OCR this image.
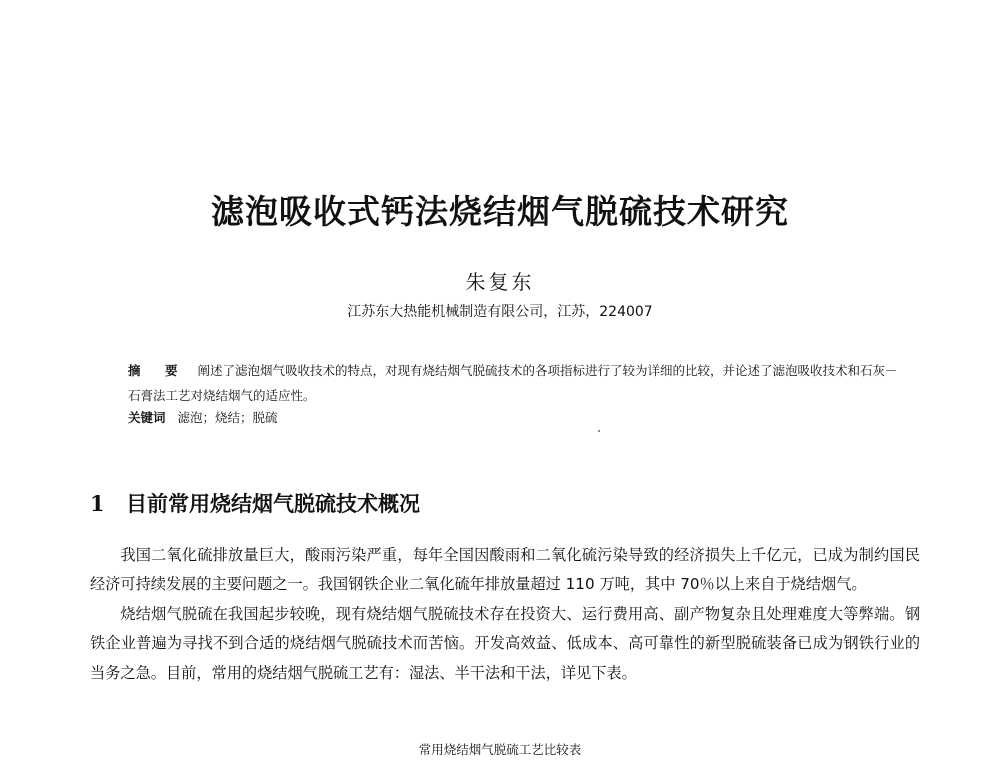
滤泡吸收式钙法烧结烟气脱硫技术研究
朱复东
江苏东大热能机械制造有限公司，江苏，224007
摘　要 阐述了滤泡烟气吸收技术的特点，对现有烧结烟气脱硫技术的各项指标进行了较为详细的比较，并论述了滤泡吸收技术和石灰－石膏法工艺对烧结烟气的适应性。
关键词 滤泡；烧结；脱硫
1 目前常用烧结烟气脱硫技术概况

我国二氧化硫排放量巨大，酸雨污染严重，每年全国因酸雨和二氧化硫污染导致的经济损失上千亿元，已成为制约国民经济可持续发展的主要问题之一。我国钢铁企业二氧化硫年排放量超过 110 万吨，其中 70％以上来自于烧结烟气。

烧结烟气脱硫在我国起步较晚，现有烧结烟气脱硫技术存在投资大、运行费用高、副产物复杂且处理难度大等弊端。钢铁企业普遍为寻找不到合适的烧结烟气脱硫技术而苦恼。开发高效益、低成本、高可靠性的新型脱硫装备已成为钢铁行业的当务之急。目前，常用的烧结烟气脱硫工艺有：湿法、半干法和干法，详见下表。

常用烧结烟气脱硫工艺比较表
